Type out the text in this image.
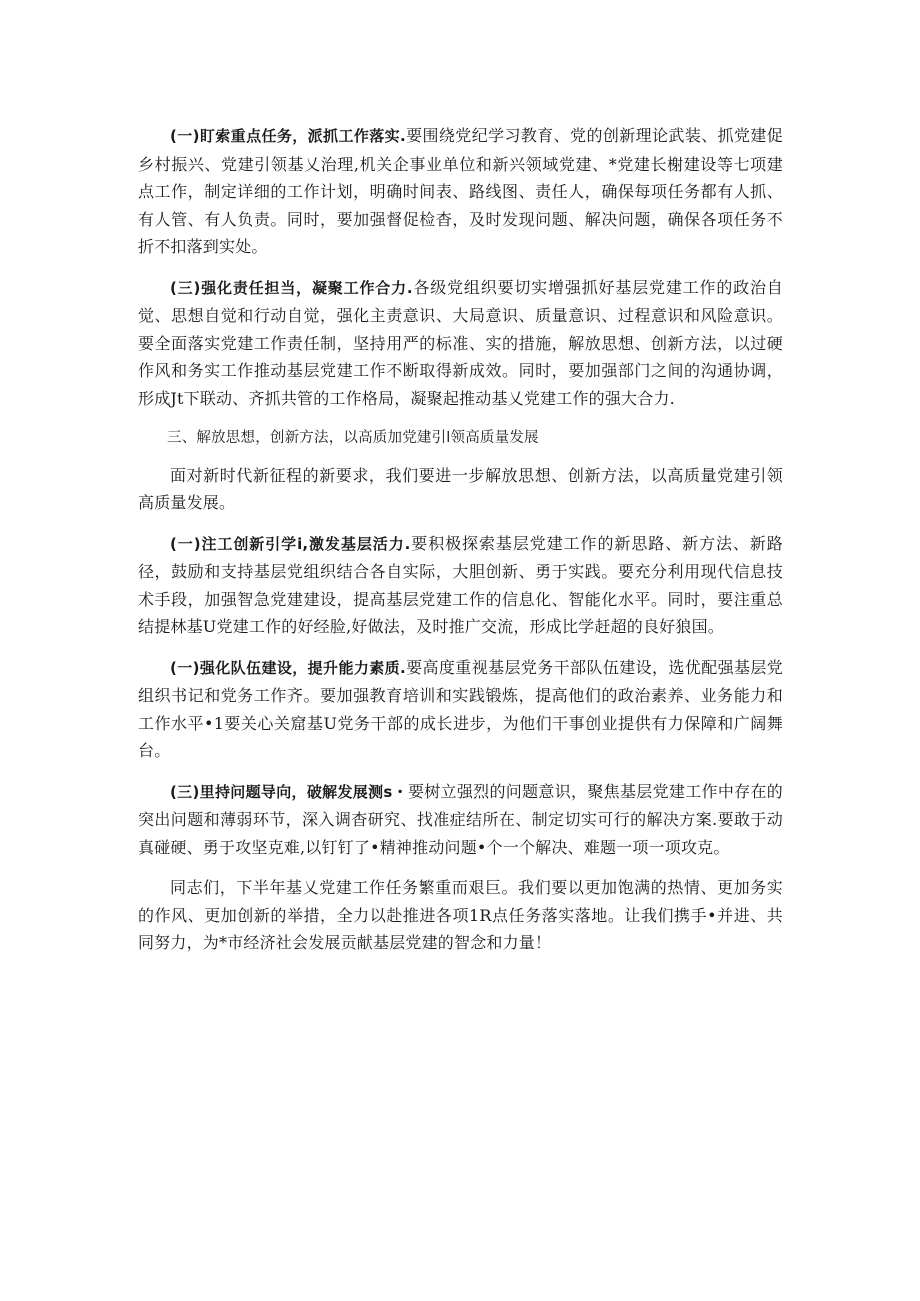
(一)盯索重点任务，派抓工作落实.要围绕党纪学习教育、党的创新理论武装、抓党建促乡村振兴、党建引领基乂治理,机关企事业单位和新兴领域党建、*党建长榭建设等七项建点工作，制定详细的工作计划，明确时间表、路线图、责任人，确保每项任务都有人抓、有人管、有人负责。同时，要加强督促检杳，及时发现问题、解决问题，确保各项任务不折不扣落到实处。

(三)强化责任担当，凝聚工作合力.各级党组织要切实增强抓好基层党建工作的政治自觉、思想自觉和行动自觉，强化主责意识、大局意识、质量意识、过程意识和风险意识。要全面落实党建工作责任制，坚持用严的标准、实的措施，解放思想、创新方法，以过硬作风和务实工作推动基层党建工作不断取得新成效。同时，要加强部门之间的沟通协调，形成Jt下联动、齐抓共管的工作格局，凝聚起推动基乂党建工作的强大合力.

三、解放思想，创新方法，以高质加党建引l领高质量发展

面对新时代新征程的新要求，我们要进一步解放思想、创新方法，以高质量党建引领高质量发展。

(一)注工创新引学i,激发基层活力.要积极探索基层党建工作的新思路、新方法、新路径，鼓励和支持基层党组织结合各自实际，大胆创新、勇于实践。要充分利用现代信息技术手段，加强智急党建建设，提高基层党建工作的信息化、智能化水平。同时，要注重总结提林基U党建工作的好经脸,好做法，及时推广交流，形成比学赶超的良好狼国。

(一)强化队伍建设，提升能力素质.要高度重视基层党务干部队伍建设，选优配强基层党组织书记和党务工作齐。要加强教育培训和实践锻炼，提高他们的政治素养、业务能力和工作水平•1要关心关窟基U党务干部的成长进步，为他们干事创业提供有力保障和广阔舞台。

(三)里持问题导向，破解发展测s・要树立强烈的问题意识，聚焦基层党建工作中存在的突出问题和薄弱环节，深入调杳研究、找准症结所在、制定切实可行的解决方案.要敢于动真碰硬、勇于攻坚克难,以钉钉了•精神推动问题•个一个解决、难题一项一项攻克。

同志们，下半年基乂党建工作任务繁重而艰巨。我们要以更加饱满的热情、更加务实的作风、更加创新的举措，全力以赴推进各项1R点任务落实落地。让我们携手•并进、共同努力，为*市经济社会发展贡献基层党建的智念和力量！
